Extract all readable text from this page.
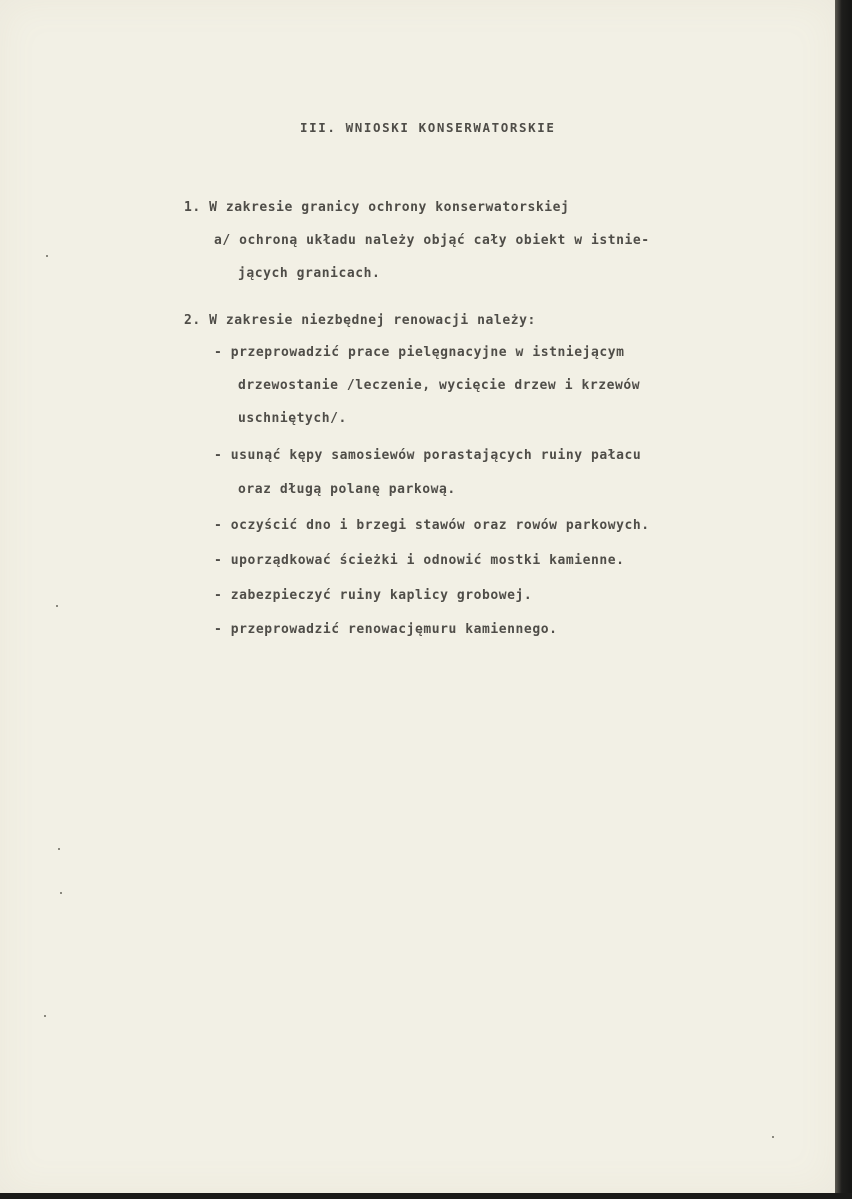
III. WNIOSKI KONSERWATORSKIE
1. W zakresie granicy ochrony konserwatorskiej
a/ ochroną układu należy objąć cały obiekt w istnie-
jących granicach.
2. W zakresie niezbędnej renowacji należy:
- przeprowadzić prace pielęgnacyjne w istniejącym
drzewostanie /leczenie, wycięcie drzew i krzewów
uschniętych/.
- usunąć kępy samosiewów porastających ruiny pałacu
oraz długą polanę parkową.
- oczyścić dno i brzegi stawów oraz rowów parkowych.
- uporządkować ścieżki i odnowić mostki kamienne.
- zabezpieczyć ruiny kaplicy grobowej.
- przeprowadzić renowacjęmuru kamiennego.
